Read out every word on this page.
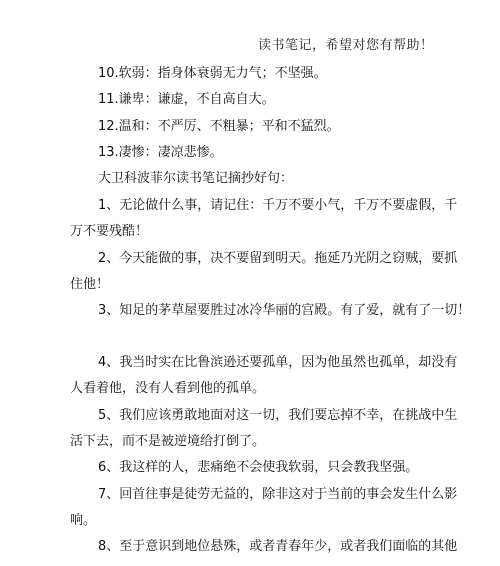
读书笔记，希望对您有帮助！
10.软弱：指身体衰弱无力气；不坚强。
11.谦卑：谦虚，不自高自大。
12.温和：不严厉、不粗暴；平和不猛烈。
13.凄惨：凄凉悲惨。
大卫科波菲尔读书笔记摘抄好句：
1、无论做什么事，请记住：千万不要小气，千万不要虚假，千
万不要残酷！
2、今天能做的事，决不要留到明天。拖延乃光阴之窃贼，要抓
住他！
3、知足的茅草屋要胜过冰冷华丽的宫殿。有了爱，就有了一切！
4、我当时实在比鲁滨逊还要孤单，因为他虽然也孤单，却没有
人看着他，没有人看到他的孤单。
5、我们应该勇敢地面对这一切，我们要忘掉不幸，在挑战中生
活下去，而不是被逆境给打倒了。
6、我这样的人，悲痛绝不会使我软弱，只会教我坚强。
7、回首往事是徒劳无益的，除非这对于当前的事会发生什么影
响。
8、至于意识到地位悬殊，或者青春年少，或者我们面临的其他
